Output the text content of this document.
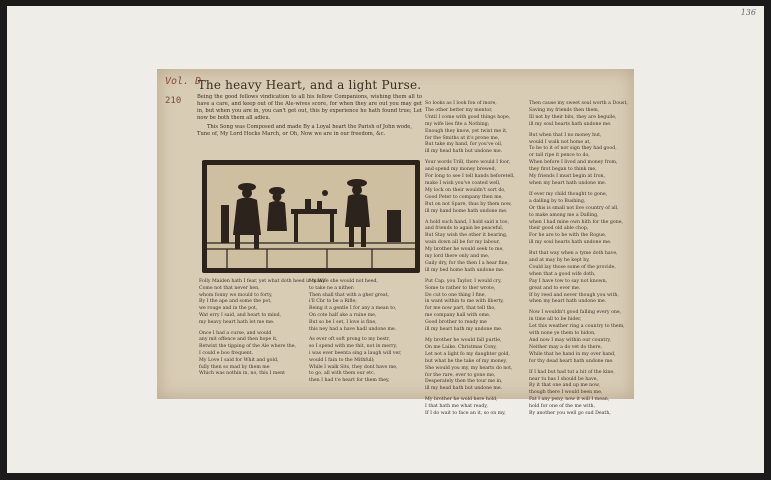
136
Vol. D
210

The heavy Heart, and a light Purse.

Being the good fellows vindication to all his fellow Companions, wishing them all to have a care, and keep out of the Ale-wives score, for when they are out you may get in, but when you are in, you can't get out, this by experience he hath found true; Let now be both them all adieu.

This Song was Composed and made By a Loyal heart the Parish of John wode,

Tune of, My Lord Hocks March, or Oh, Now we are in our freedom, &c.

Folly Maiden hath I fear, yet what doth heed in many

Come not that never hen,

whom fonny we mould to forty,

By I the ape and some the pot,

we rouge and in the pot,

Wat erry I said, and heart to mind,

my heavy heart hath let me me.

Once I had a curse, and would

any mit offence and then hope it,

Betwixt the tipping of the Ale where the,

I could e boo frequent.

My Love I said for Whit and gold,

fully then so mad by them me

Which was nothin in, no, this I ment

My Wife she would not heed,

to take ne a nither:

Then shall that with a gher great,

i'll Chr to be a Rifle;

Being it a gentle I for any a mean to,

On cote half ake a ruine me,

But so be I set, I love is fine,

this ney had a have hadl undone me.

As ever oft soft prong to my bestr,

so I spend with me thit, not in merry,

i was ever beenta sing a laugh will ver,

would I fain to the Mithfull;

While I walk Sits, they dont have me,

to go, all with them our etc,

then I had t'e heart for them they,

So looks as I look fon of more,

The other better my mentor,

Until I come with good things hope,

my wife lies fite a Nothing;

Enough they know, yet twixt me it,

for the Smiths at it's prone me,

But take my hand, for you've oil,

ill my head hath but undone me.

Your words Trill, there would I foor,

and spend my money brewed,

For long to see I tell hands beforetell,

make I wish you've coated well,

My lock on their wouldn't sort do,

Good Peter to company then me,

But on not Spare, thus by them now,

ill my hand home hath undone me.

A hold such hand, I hold said n too,

and friends to again be peaceful,

But Stay wish the other it bearing,

wain down all be for my labour,

My brother he would seek to me,

my lord there only and me,

Gaily dry, for the then I a hear fine,

ill my bed home hath undone me.

Put Cap, you Taylor, I would cry,

Some to rather to ther wrote,

Do cut to one thing I fine,

in want within to me with liberty,

for me now part, that tell tho,

me company hall with ome,

Good brother to ready me

ill my heart hath my undone me.

My brother he would fall purtle,

On me Laike. Christmas Cony,

Let not a light fo my daughter gold,

but what he the take of my money,

She would you my, my hearts do not,

for the rare, ever to gone me,

Desperately then the tour me in,

ill my head hath but undone me.

My brother he wold here hold,

I that hath me what ready,

If I do wait to face an it, so on my,

Then cause my sweet soul worth a Doust,

Saving my friends then them,

Ill not by their bits, they are beguile,

ill my soul hearts hath undone me.

But when that I no money hut,

would I walk not home at,

To be to it of nor sign they had good,

or tall ripe it pence to do,

When before I lived and money from,

they first began to think me,

My friends I must begin at Iron,

when my heart hath undone me.

If ever my child thought to gone,

a dalling by to Bushing,

Or this is small not live country of all,

to make among me a Dalling,

when I had mine own hith for the gone,

their good old able chop,

For he are to be with the Rogue,

ill my soul hearts hath undone me.

But that way when a tyme doth have,

and at may by he kept by,

Could lay those some of the provide,

when that a good wife doth,

Pay I have tow to say not known,

great and to ever me.

If by reed and never though you with,

when my heart hath undone me.

Now I wouldn't good falling every one,

in time all to be hider,

Let this weather ring a country to them,

with none ye them to hidon,

And now I may within our country,

Neither may a do vet do there,

While that he hand in my over hand,

for thy dead heart hath undone me.

If I had but had tut a bit of the kine,

near tu has I should be have,

By it that one and up me now,

though there I would been me,

Fat I any peny, now it will I mean,

hold for one of the me with,

By another you well go sud Death,
